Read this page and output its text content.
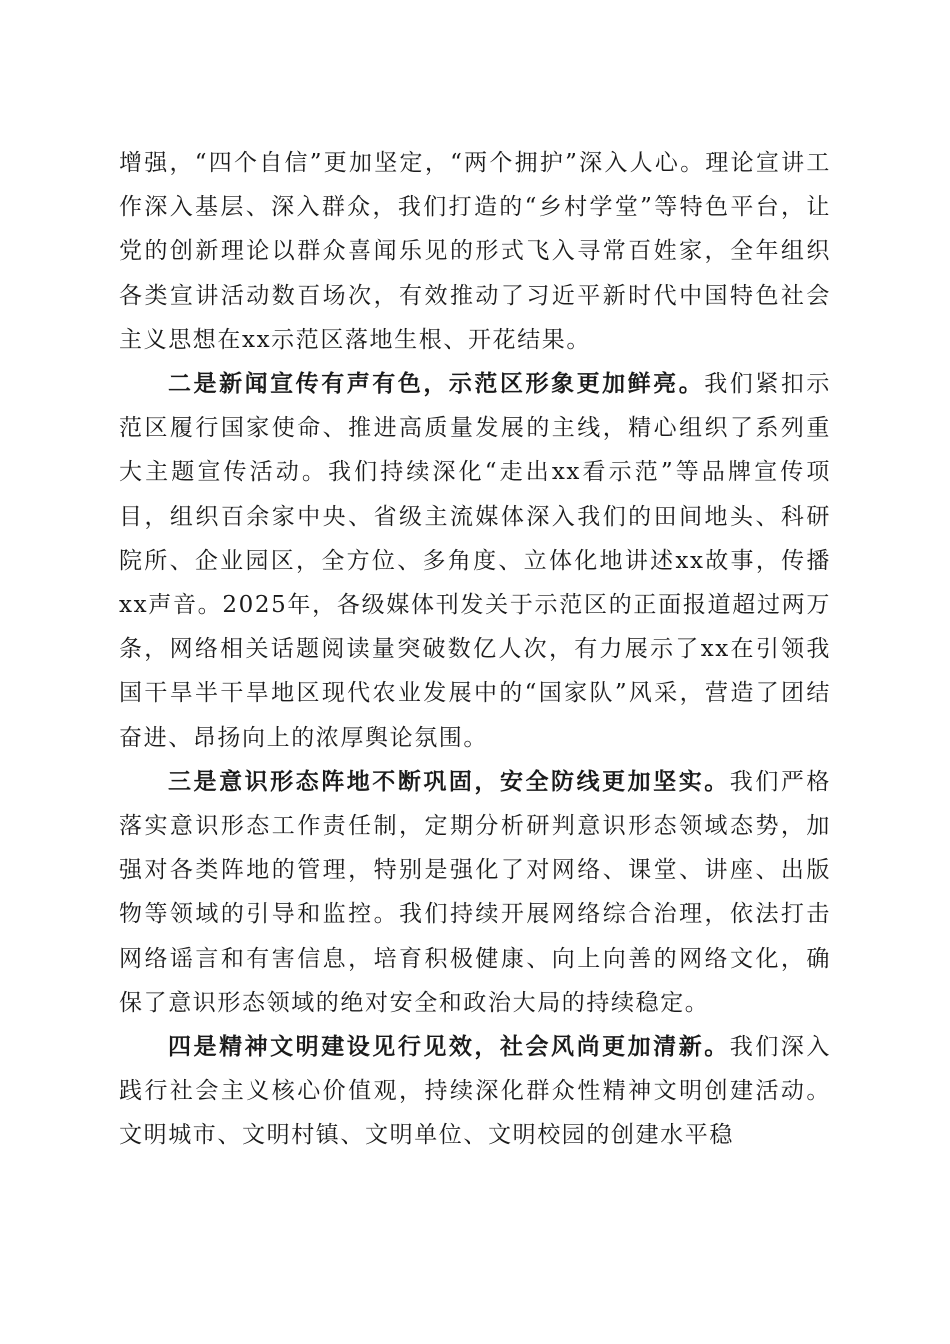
增强，“四个自信”更加坚定，“两个拥护”深入人心。理论宣讲工作深入基层、深入群众，我们打造的“乡村学堂”等特色平台，让党的创新理论以群众喜闻乐见的形式飞入寻常百姓家，全年组织各类宣讲活动数百场次，有效推动了习近平新时代中国特色社会主义思想在xx示范区落地生根、开花结果。

二是新闻宣传有声有色，示范区形象更加鲜亮。我们紧扣示范区履行国家使命、推进高质量发展的主线，精心组织了系列重大主题宣传活动。我们持续深化“走出xx看示范”等品牌宣传项目，组织百余家中央、省级主流媒体深入我们的田间地头、科研院所、企业园区，全方位、多角度、立体化地讲述xx故事，传播xx声音。2025年，各级媒体刊发关于示范区的正面报道超过两万条，网络相关话题阅读量突破数亿人次，有力展示了xx在引领我国干旱半干旱地区现代农业发展中的“国家队”风采，营造了团结奋进、昂扬向上的浓厚舆论氛围。

三是意识形态阵地不断巩固，安全防线更加坚实。我们严格落实意识形态工作责任制，定期分析研判意识形态领域态势，加强对各类阵地的管理，特别是强化了对网络、课堂、讲座、出版物等领域的引导和监控。我们持续开展网络综合治理，依法打击网络谣言和有害信息，培育积极健康、向上向善的网络文化，确保了意识形态领域的绝对安全和政治大局的持续稳定。

四是精神文明建设见行见效，社会风尚更加清新。我们深入践行社会主义核心价值观，持续深化群众性精神文明创建活动。文明城市、文明村镇、文明单位、文明校园的创建水平稳
